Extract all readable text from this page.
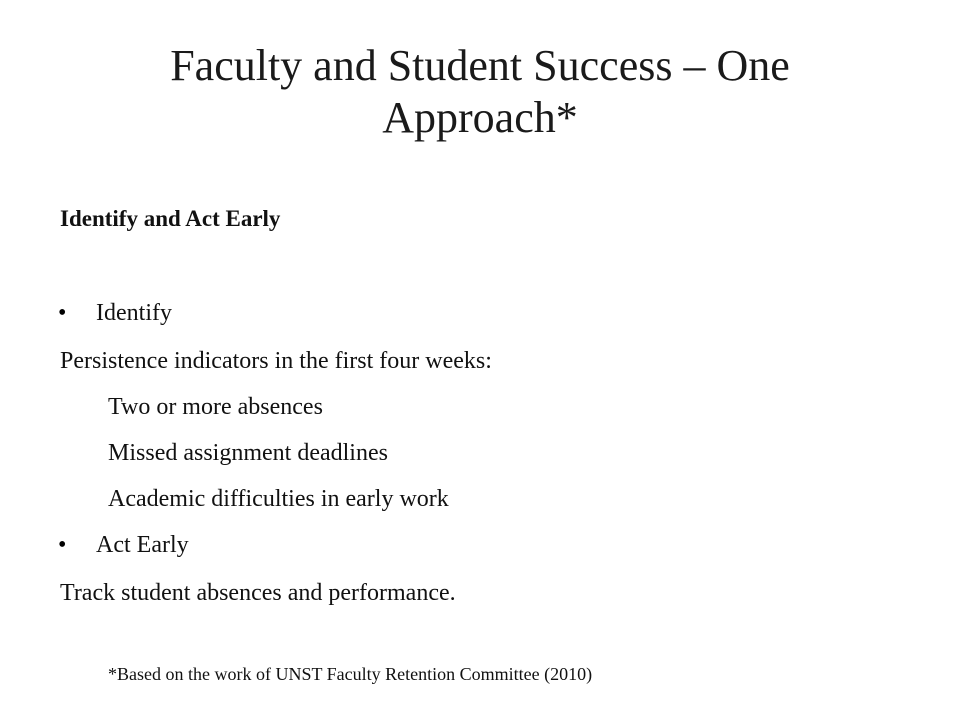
Faculty and Student Success – One
Approach*
Identify and Act Early
• Identify
Persistence indicators in the first four weeks:
Two or more absences
Missed assignment deadlines
Academic difficulties in early work
• Act Early
Track student absences and performance.
*Based on the work of UNST Faculty Retention Committee (2010)
